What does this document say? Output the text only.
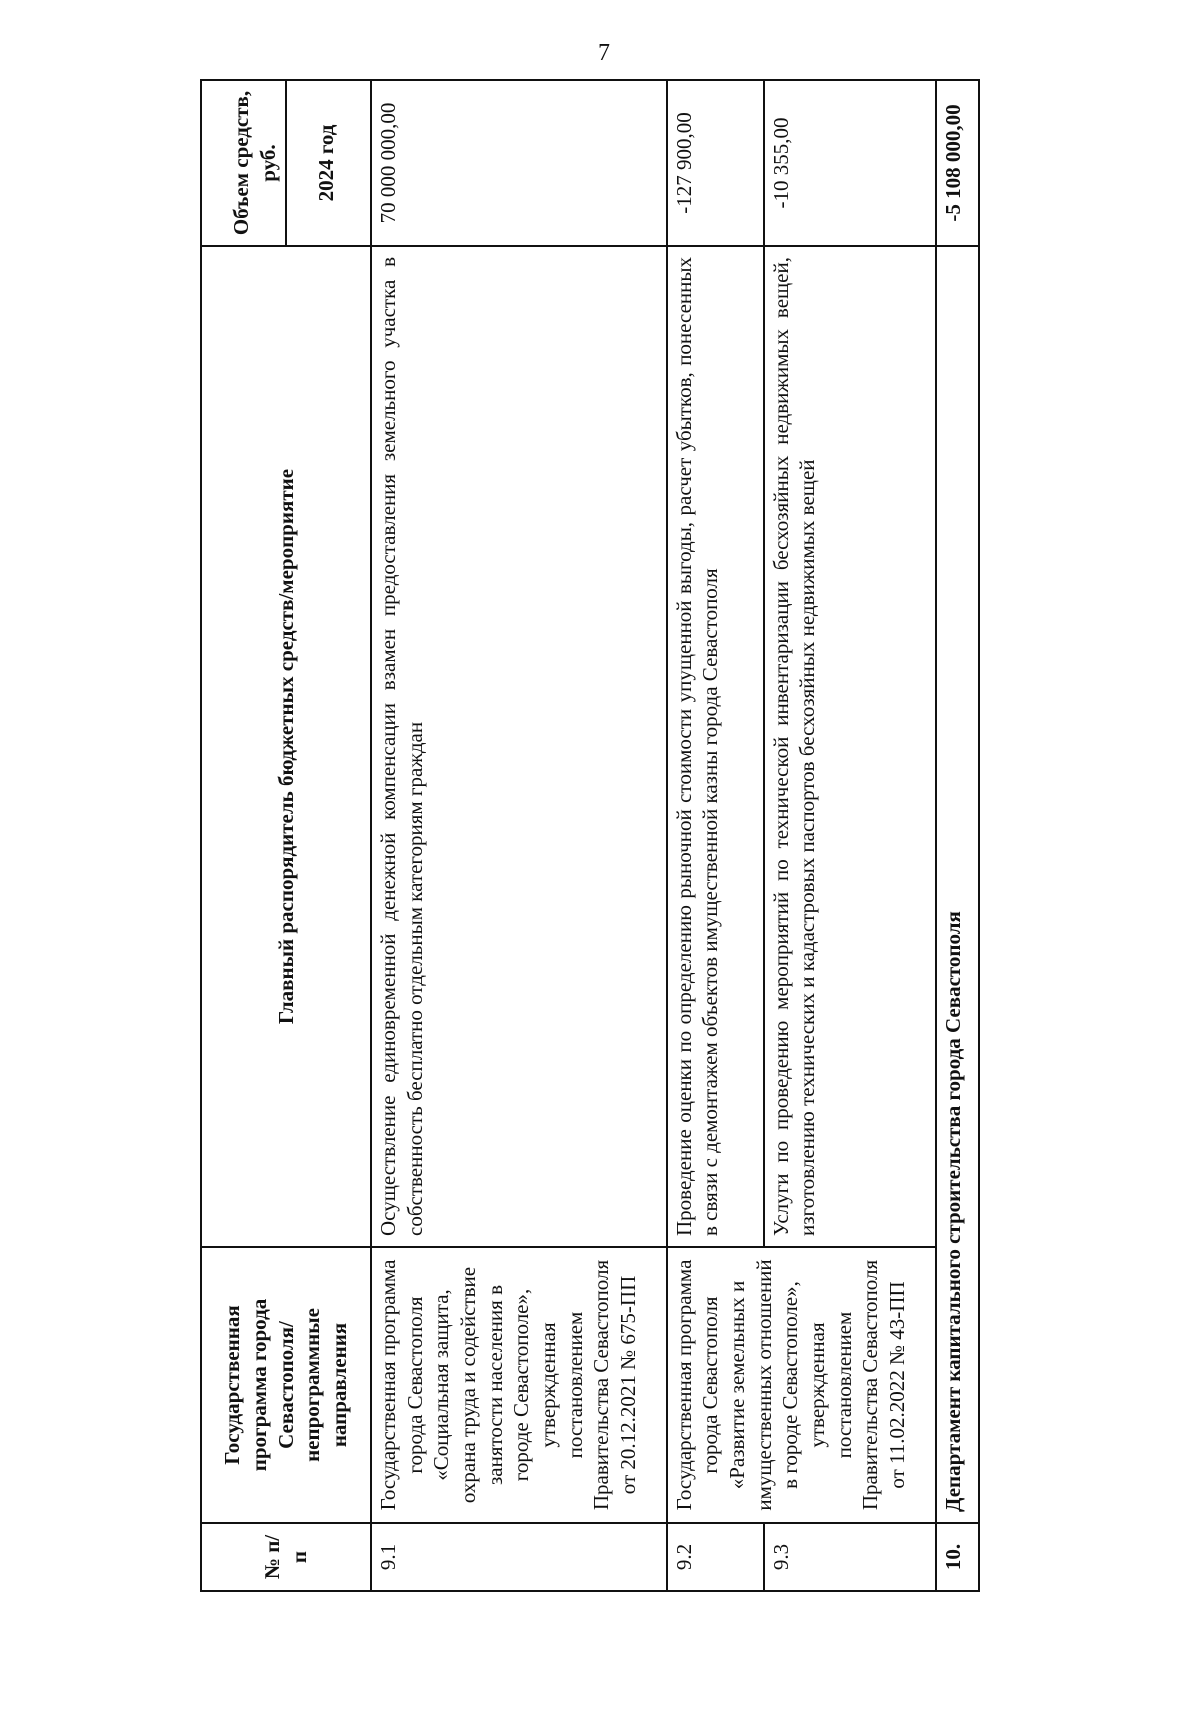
7
№ п/п	Государственная программа города Севастополя/ непрограммные направления	Главный распорядитель бюджетных средств/мероприятие	Объем средств, руб. 2024 год

9.1	Государственная программа города Севастополя «Социальная защита, охрана труда и содействие занятости населения в городе Севастополе», утвержденная постановлением Правительства Севастополя от 20.12.2021 № 675-ПП	Осуществление единовременной денежной компенсации взамен предоставления земельного участка в собственность бесплатно отдельным категориям граждан	70 000 000,00
9.2	Государственная программа города Севастополя «Развитие земельных и имущественных отношений в городе Севастополе», утвержденная постановлением Правительства Севастополя от 11.02.2022 № 43-ПП	Проведение оценки по определению рыночной стоимости упущенной выгоды, расчет убытков, понесенных в связи с демонтажем объектов имущественной казны города Севастополя	-127 900,00
9.3		Услуги по проведению мероприятий по технической инвентаризации бесхозяйных недвижимых вещей, изготовлению технических и кадастровых паспортов бесхозяйных недвижимых вещей	-10 355,00
10.	Департамент капитального строительства города Севастополя		-5 108 000,00
